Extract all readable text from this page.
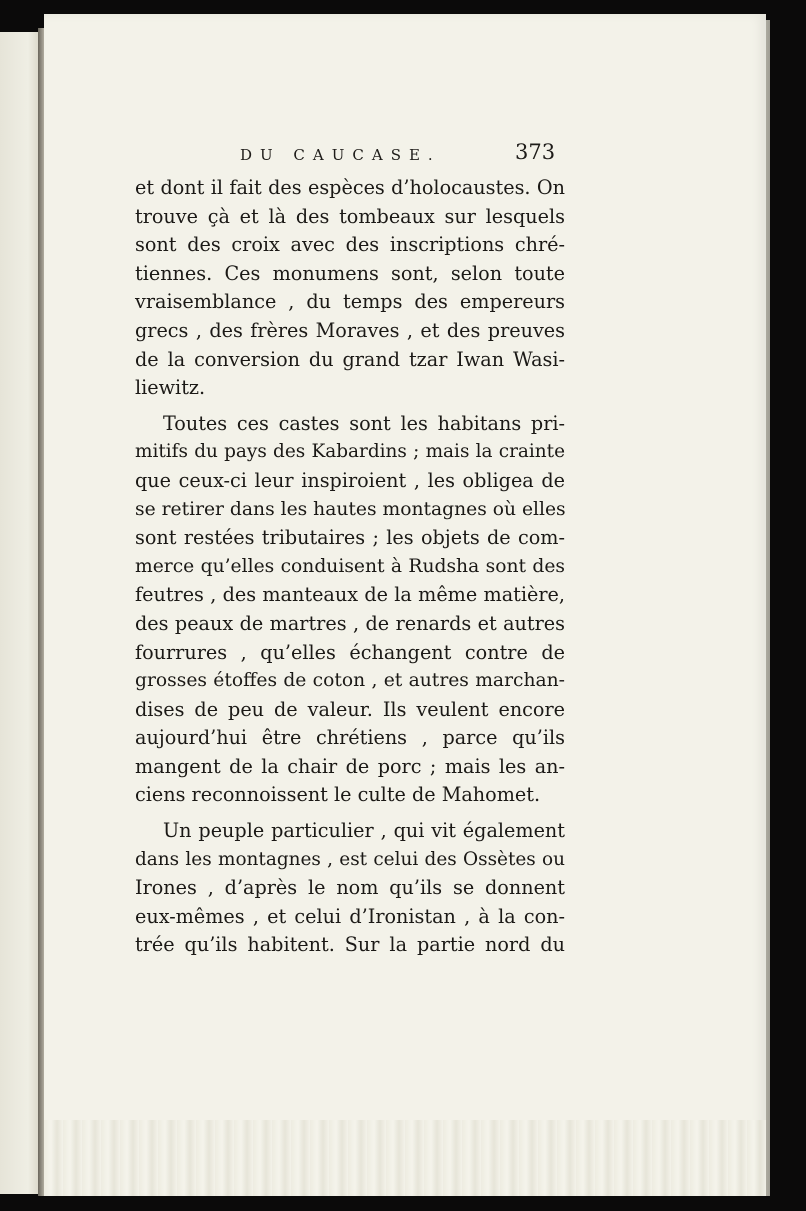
DU CAUCASE.	373
et dont il fait des espèces d’holocaustes. On
trouve çà et là des tombeaux sur lesquels
sont des croix avec des inscriptions chré-
tiennes. Ces monumens sont, selon toute
vraisemblance , du temps des empereurs
grecs , des frères Moraves , et des preuves
de la conversion du grand tzar Iwan Wasi-
liewitz.
Toutes ces castes sont les habitans pri-
mitifs du pays des Kabardins ; mais la crainte
que ceux-ci leur inspiroient , les obligea de
se retirer dans les hautes montagnes où elles
sont restées tributaires ; les objets de com-
merce qu’elles conduisent à Rudsha sont des
feutres , des manteaux de la même matière,
des peaux de martres , de renards et autres
fourrures , qu’elles échangent contre de
grosses étoffes de coton , et autres marchan-
dises de peu de valeur. Ils veulent encore
aujourd’hui être chrétiens , parce qu’ils
mangent de la chair de porc ; mais les an-
ciens reconnoissent le culte de Mahomet.
Un peuple particulier , qui vit également
dans les montagnes , est celui des Ossètes ou
Irones , d’après le nom qu’ils se donnent
eux-mêmes , et celui d’Ironistan , à la con-
trée qu’ils habitent. Sur la partie nord du
